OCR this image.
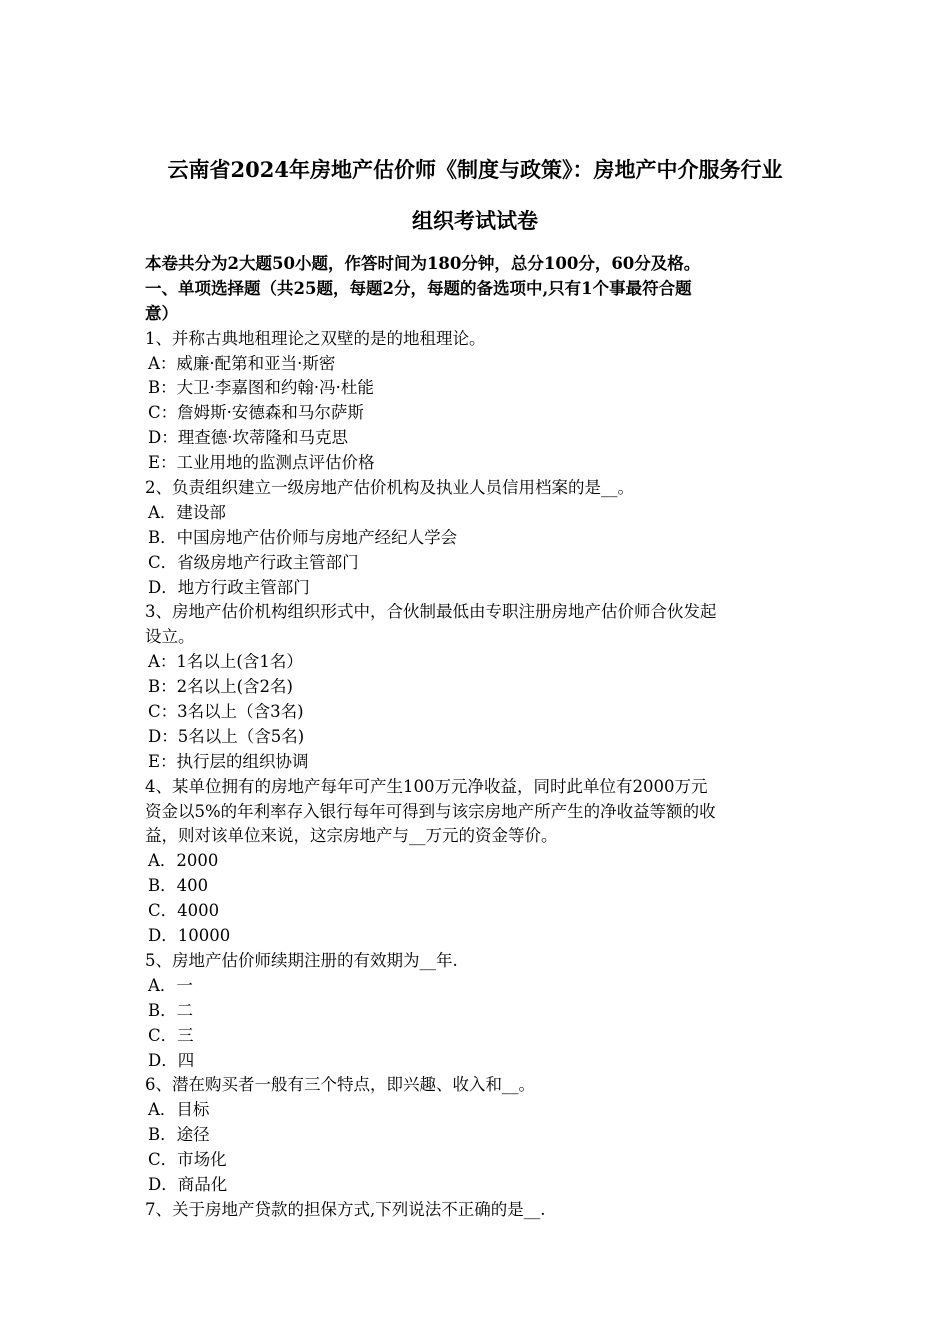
云南省2024年房地产估价师《制度与政策》：房地产中介服务行业
组织考试试卷
本卷共分为2大题50小题，作答时间为180分钟，总分100分，60分及格。
一、单项选择题（共25题，每题2分，每题的备选项中,只有1个事最符合题
意）
1、并称古典地租理论之双壁的是的地租理论。
A：威廉·配第和亚当·斯密
B：大卫·李嘉图和约翰·冯·杜能
C：詹姆斯·安德森和马尔萨斯
D：理查德·坎蒂隆和马克思
E：工业用地的监测点评估价格
2、负责组织建立一级房地产估价机构及执业人员信用档案的是__。
A．建设部
B．中国房地产估价师与房地产经纪人学会
C．省级房地产行政主管部门
D．地方行政主管部门
3、房地产估价机构组织形式中，合伙制最低由专职注册房地产估价师合伙发起
设立。
A：1名以上(含1名）
B：2名以上(含2名)
C：3名以上（含3名)
D：5名以上（含5名)
E：执行层的组织协调
4、某单位拥有的房地产每年可产生100万元净收益，同时此单位有2000万元
资金以5%的年利率存入银行每年可得到与该宗房地产所产生的净收益等额的收
益，则对该单位来说，这宗房地产与__万元的资金等价。
A．2000
B．400
C．4000
D．10000
5、房地产估价师续期注册的有效期为__年.
A．一
B．二
C．三
D．四
6、潜在购买者一般有三个特点，即兴趣、收入和__。
A．目标
B．途径
C．市场化
D．商品化
7、关于房地产贷款的担保方式,下列说法不正确的是__.
